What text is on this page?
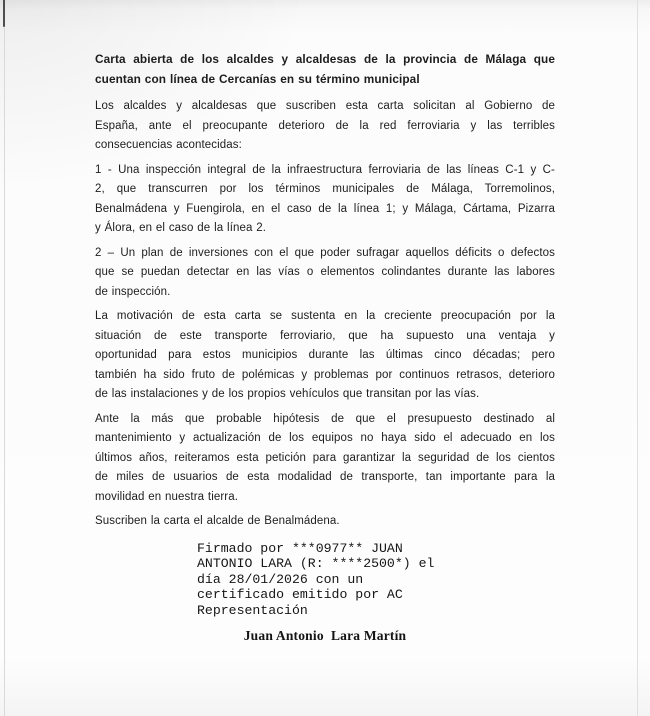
Carta abierta de los alcaldes y alcaldesas de la provincia de Málaga que
cuentan con línea de Cercanías en su término municipal
Los alcaldes y alcaldesas que suscriben esta carta solicitan al Gobierno de
España, ante el preocupante deterioro de la red ferroviaria y las terribles
consecuencias acontecidas:
1 - Una inspección integral de la infraestructura ferroviaria de las líneas C-1 y C-
2, que transcurren por los términos municipales de Málaga, Torremolinos,
Benalmádena y Fuengirola, en el caso de la línea 1; y Málaga, Cártama, Pizarra
y Álora, en el caso de la línea 2.
2 – Un plan de inversiones con el que poder sufragar aquellos déficits o defectos
que se puedan detectar en las vías o elementos colindantes durante las labores
de inspección.
La motivación de esta carta se sustenta en la creciente preocupación por la
situación de este transporte ferroviario, que ha supuesto una ventaja y
oportunidad para estos municipios durante las últimas cinco décadas; pero
también ha sido fruto de polémicas y problemas por continuos retrasos, deterioro
de las instalaciones y de los propios vehículos que transitan por las vías.
Ante la más que probable hipótesis de que el presupuesto destinado al
mantenimiento y actualización de los equipos no haya sido el adecuado en los
últimos años, reiteramos esta petición para garantizar la seguridad de los cientos
de miles de usuarios de esta modalidad de transporte, tan importante para la
movilidad en nuestra tierra.
Suscriben la carta el alcalde de Benalmádena.
Firmado por ***0977** JUAN
ANTONIO LARA (R: ****2500*) el
día 28/01/2026 con un
certificado emitido por AC
Representación
Juan Antonio  Lara Martín
